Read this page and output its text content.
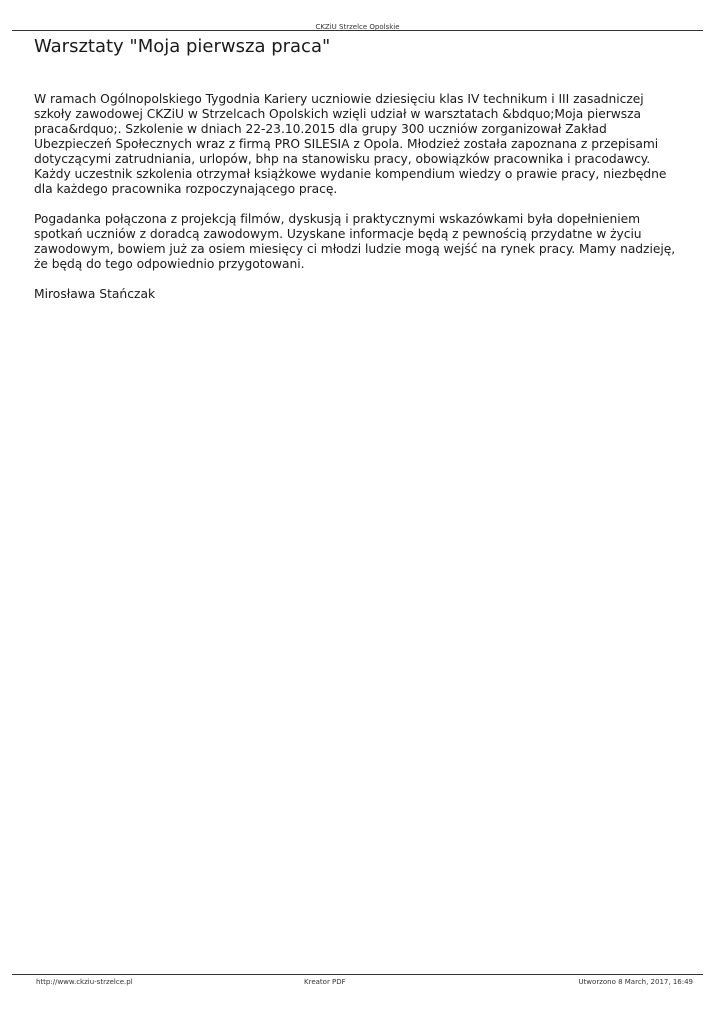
CKZiU Strzelce Opolskie
Warsztaty "Moja pierwsza praca"

W ramach Ogólnopolskiego Tygodnia Kariery uczniowie dziesięciu klas IV technikum i III zasadniczej
szkoły zawodowej CKZiU w Strzelcach Opolskich wzięli udział w warsztatach &bdquo;Moja pierwsza
praca&rdquo;. Szkolenie w dniach 22-23.10.2015 dla grupy 300 uczniów zorganizował Zakład
Ubezpieczeń Społecznych wraz z firmą PRO SILESIA z Opola. Młodzież została zapoznana z przepisami
dotyczącymi zatrudniania, urlopów, bhp na stanowisku pracy, obowiązków pracownika i pracodawcy.
Każdy uczestnik szkolenia otrzymał książkowe wydanie kompendium wiedzy o prawie pracy, niezbędne
dla każdego pracownika rozpoczynającego pracę.

Pogadanka połączona z projekcją filmów, dyskusją i praktycznymi wskazówkami była dopełnieniem
spotkań uczniów z doradcą zawodowym. Uzyskane informacje będą z pewnością przydatne w życiu
zawodowym, bowiem już za osiem miesięcy ci młodzi ludzie mogą wejść na rynek pracy. Mamy nadzieję,
że będą do tego odpowiednio przygotowani.

Mirosława Stańczak

http://www.ckziu-strzelce.pl	Kreator PDF	Utworzono 8 March, 2017, 16:49
